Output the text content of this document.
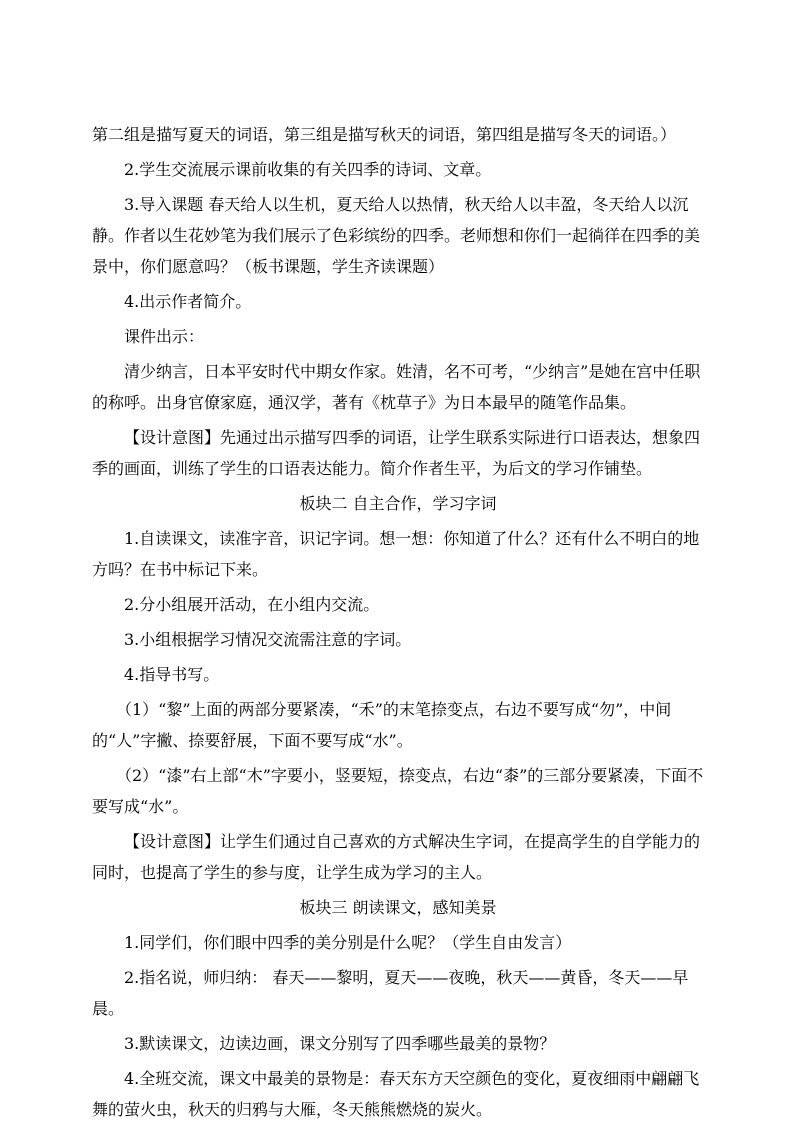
第二组是描写夏天的词语，第三组是描写秋天的词语，第四组是描写冬天的词语。）

2.学生交流展示课前收集的有关四季的诗词、文章。

3.导入课题 春天给人以生机，夏天给人以热情，秋天给人以丰盈，冬天给人以沉静。作者以生花妙笔为我们展示了色彩缤纷的四季。老师想和你们一起徜徉在四季的美景中，你们愿意吗？（板书课题，学生齐读课题）

4.出示作者简介。

课件出示：

清少纳言，日本平安时代中期女作家。姓清，名不可考，“少纳言”是她在宫中任职的称呼。出身官僚家庭，通汉学，著有《枕草子》为日本最早的随笔作品集。

【设计意图】先通过出示描写四季的词语，让学生联系实际进行口语表达，想象四季的画面，训练了学生的口语表达能力。简介作者生平，为后文的学习作铺垫。

板块二 自主合作，学习字词

1.自读课文，读准字音，识记字词。想一想：你知道了什么？还有什么不明白的地方吗？在书中标记下来。

2.分小组展开活动，在小组内交流。

3.小组根据学习情况交流需注意的字词。

4.指导书写。

（1）“黎”上面的两部分要紧凑，“禾”的末笔捺变点，右边不要写成“勿”，中间的“人”字撇、捺要舒展，下面不要写成“水”。

（2）“漆”右上部“木”字要小，竖要短，捺变点，右边“桼”的三部分要紧凑，下面不要写成“水”。

【设计意图】让学生们通过自己喜欢的方式解决生字词，在提高学生的自学能力的同时，也提高了学生的参与度，让学生成为学习的主人。

板块三 朗读课文，感知美景

1.同学们，你们眼中四季的美分别是什么呢？（学生自由发言）

2.指名说，师归纳： 春天——黎明，夏天——夜晚，秋天——黄昏，冬天——早晨。

3.默读课文，边读边画，课文分别写了四季哪些最美的景物？

4.全班交流，课文中最美的景物是：春天东方天空颜色的变化，夏夜细雨中翩翩飞舞的萤火虫，秋天的归鸦与大雁，冬天熊熊燃烧的炭火。
